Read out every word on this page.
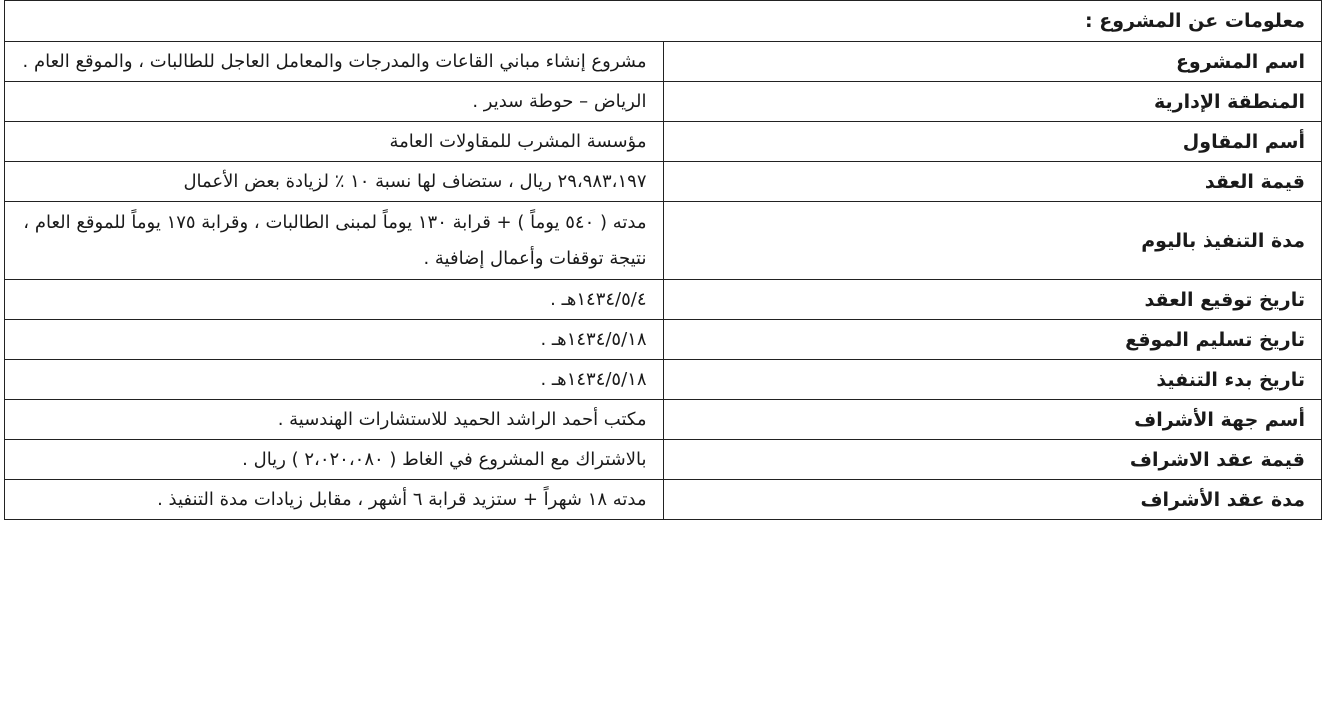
معلومات عن المشروع :	
اسم المشروع	مشروع إنشاء مباني القاعات والمدرجات والمعامل العاجل للطالبات ، والموقع العام .

المنطقة الإدارية	الرياض – حوطة سدير .

أسم المقاول	مؤسسة المشرب للمقاولات العامة

قيمة العقد	٢٩،٩٨٣،١٩٧ ريال ، ستضاف لها نسبة ١٠ ٪ لزيادة بعض الأعمال

مدة التنفيذ باليوم	مدته ( ٥٤٠ يوماً ) + قرابة ١٣٠ يوماً لمبنى الطالبات ، وقرابة ١٧٥ يوماً للموقع العام ،
نتيجة توقفات وأعمال إضافية .

تاريخ توقيع العقد	١٤٣٤/٥/٤هـ .

تاريخ تسليم الموقع	١٤٣٤/٥/١٨هـ .

تاريخ بدء التنفيذ	١٤٣٤/٥/١٨هـ .

أسم جهة الأشراف	مكتب أحمد الراشد الحميد للاستشارات الهندسية .

قيمة عقد الاشراف	بالاشتراك مع المشروع في الغاط ( ٢،٠٢٠،٠٨٠ ) ريال .

مدة عقد الأشراف	مدته ١٨ شهراً + ستزيد قرابة ٦ أشهر ، مقابل زيادات مدة التنفيذ .
